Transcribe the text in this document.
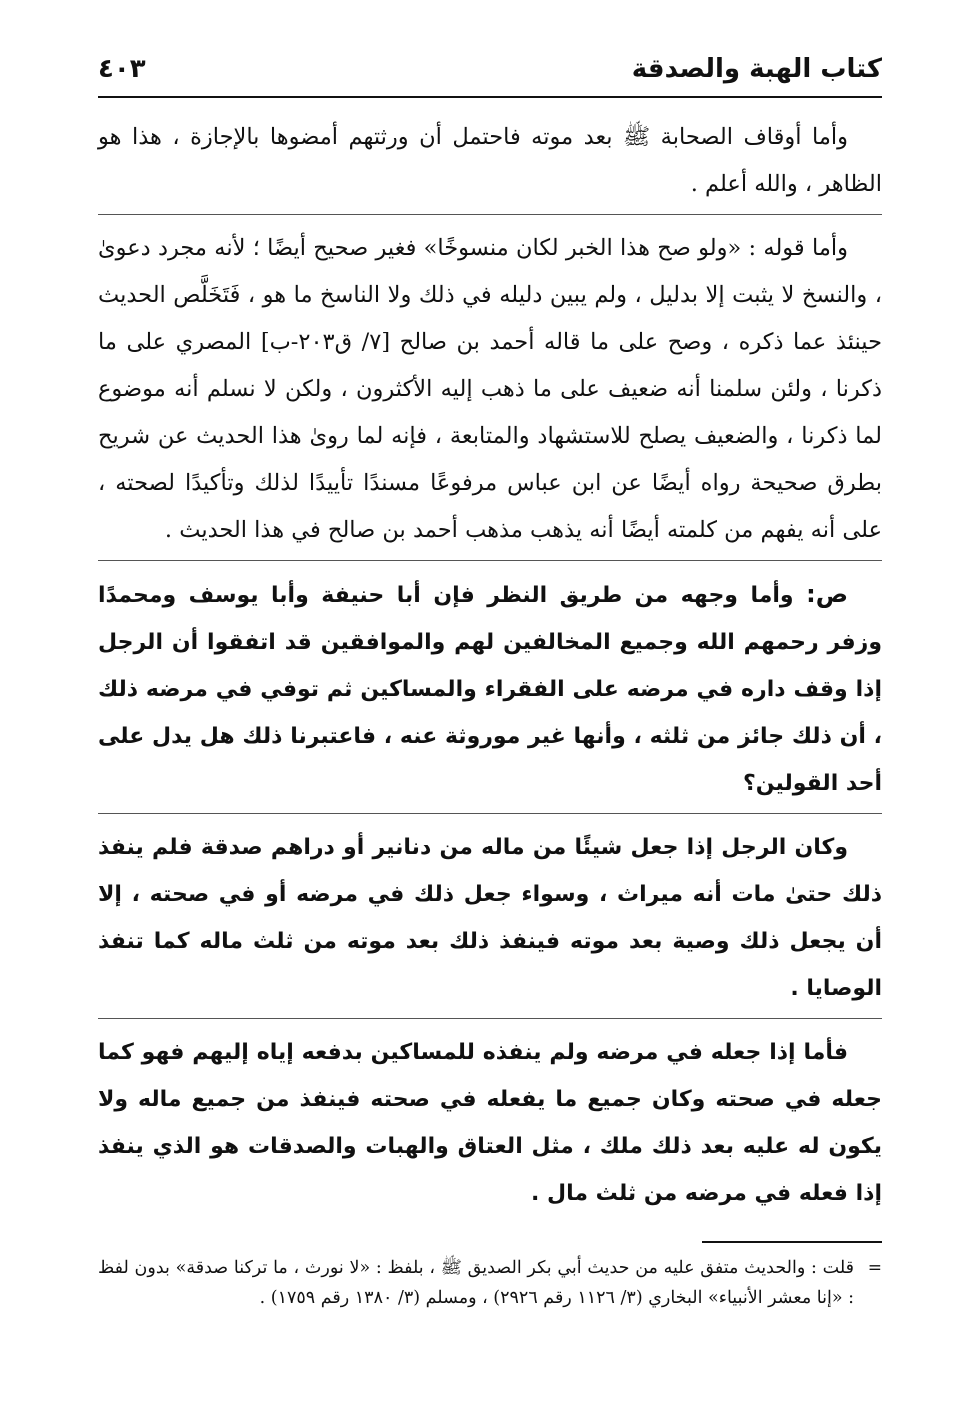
كتاب الهبة والصدقة
٤٠٣

وأما أوقاف الصحابة ﷺ بعد موته فاحتمل أن ورثتهم أمضوها بالإجازة ، هذا هو الظاهر ، والله أعلم .

وأما قوله : «ولو صح هذا الخبر لكان منسوخًا» فغير صحيح أيضًا ؛ لأنه مجرد دعوىٰ ، والنسخ لا يثبت إلا بدليل ، ولم يبين دليله في ذلك ولا الناسخ ما هو ، فَتَخَلَّص الحديث حينئذ عما ذكره ، وصح على ما قاله أحمد بن صالح [٧/ ق٢٠٣-ب] المصري على ما ذكرنا ، ولئن سلمنا أنه ضعيف على ما ذهب إليه الأكثرون ، ولكن لا نسلم أنه موضوع لما ذكرنا ، والضعيف يصلح للاستشهاد والمتابعة ، فإنه لما روىٰ هذا الحديث عن شريح بطرق صحيحة رواه أيضًا عن ابن عباس مرفوعًا مسندًا تأييدًا لذلك وتأكيدًا لصحته ، على أنه يفهم من كلمته أيضًا أنه يذهب مذهب أحمد بن صالح في هذا الحديث .

ص: وأما وجهه من طريق النظر فإن أبا حنيفة وأبا يوسف ومحمدًا وزفر رحمهم الله وجميع المخالفين لهم والموافقين قد اتفقوا أن الرجل إذا وقف داره في مرضه على الفقراء والمساكين ثم توفي في مرضه ذلك ، أن ذلك جائز من ثلثه ، وأنها غير موروثة عنه ، فاعتبرنا ذلك هل يدل على أحد القولين؟

وكان الرجل إذا جعل شيئًا من ماله من دنانير أو دراهم صدقة فلم ينفذ ذلك حتىٰ مات أنه ميراث ، وسواء جعل ذلك في مرضه أو في صحته ، إلا أن يجعل ذلك وصية بعد موته فينفذ ذلك بعد موته من ثلث ماله كما تنفذ الوصايا .

فأما إذا جعله في مرضه ولم ينفذه للمساكين بدفعه إياه إليهم فهو كما جعله في صحته وكان جميع ما يفعله في صحته فينفذ من جميع ماله ولا يكون له عليه بعد ذلك ملك ، مثل العتاق والهبات والصدقات هو الذي ينفذ إذا فعله في مرضه من ثلث مال .

=
قلت : والحديث متفق عليه من حديث أبي بكر الصديق ﷺ ، بلفظ : «لا نورث ، ما تركنا صدقة» بدون لفظ : «إنا معشر الأنبياء» البخاري (٣/ ١١٢٦ رقم ٢٩٢٦) ، ومسلم (٣/ ١٣٨٠ رقم ١٧٥٩) .
